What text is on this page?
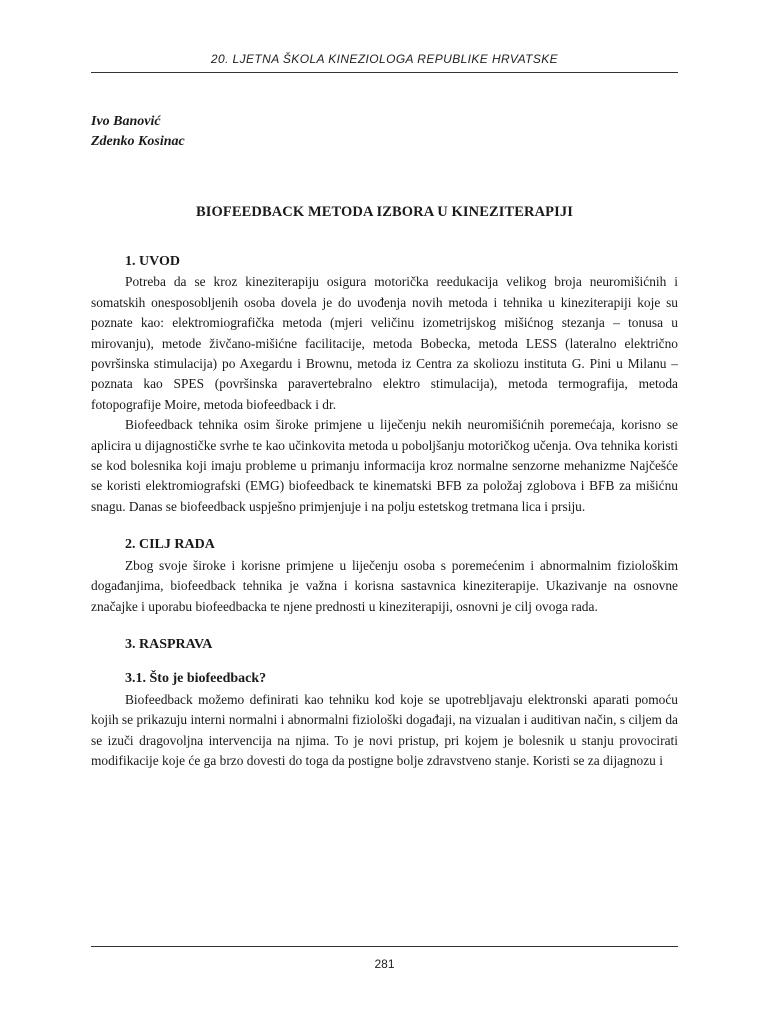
20. LJETNA ŠKOLA KINEZIOLOGA REPUBLIKE HRVATSKE
Ivo Banović
Zdenko Kosinac
BIOFEEDBACK METODA IZBORA U KINEZITERAPIJI
1. UVOD

Potreba da se kroz kineziterapiju osigura motorička reedukacija velikog broja neuromišićnih i somatskih onesposobljenih osoba dovela je do uvođenja novih metoda i tehnika u kineziterapiji koje su poznate kao: elektromiografička metoda (mjeri veličinu izometrijskog mišićnog stezanja – tonusa u mirovanju), metode živčano-mišićne facilitacije, metoda Bobecka, metoda LESS (lateralno električno površinska stimulacija) po Axegardu i Brownu, metoda iz Centra za skoliozu instituta G. Pini u Milanu – poznata kao SPES (površinska paravertebralno elektro stimulacija), metoda termografija, metoda fotopografije Moire, metoda biofeedback i dr.

Biofeedback tehnika osim široke primjene u liječenju nekih neuromišićnih poremećaja, korisno se aplicira u dijagnostičke svrhe te kao učinkovita metoda u poboljšanju motoričkog učenja. Ova tehnika koristi se kod bolesnika koji imaju probleme u primanju informacija kroz normalne senzorne mehanizme Najčešće se koristi elektromiografski (EMG) biofeedback te kinematski BFB za položaj zglobova i BFB za mišićnu snagu. Danas se biofeedback uspješno primjenjuje i na polju estetskog tretmana lica i prsiju.

2. CILJ RADA

Zbog svoje široke i korisne primjene u liječenju osoba s poremećenim i abnormalnim fiziološkim događanjima, biofeedback tehnika je važna i korisna sastavnica kineziterapije. Ukazivanje na osnovne značajke i uporabu biofeedbacka te njene prednosti u kineziterapiji, osnovni je cilj ovoga rada.

3. RASPRAVA
3.1. Što je biofeedback?

Biofeedback možemo definirati kao tehniku kod koje se upotrebljavaju elektronski aparati pomoću kojih se prikazuju interni normalni i abnormalni fiziološki događaji, na vizualan i auditivan način, s ciljem da se izuči dragovoljna intervencija na njima. To je novi pristup, pri kojem je bolesnik u stanju provocirati modifikacije koje će ga brzo dovesti do toga da postigne bolje zdravstveno stanje. Koristi se za dijagnozu i

281
